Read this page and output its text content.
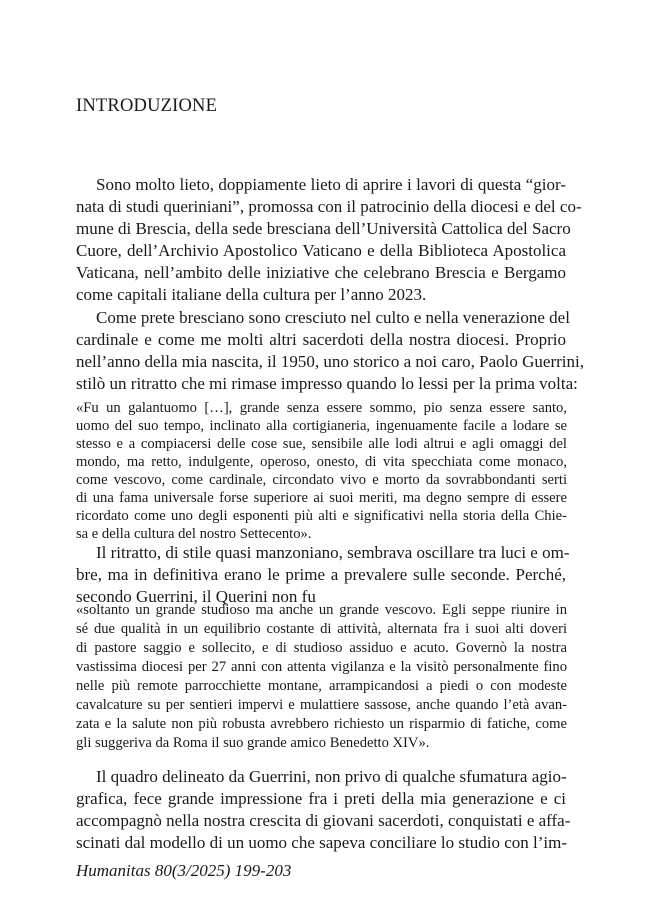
INTRODUZIONE
Sono molto lieto, doppiamente lieto di aprire i lavori di questa “gior-
nata di studi queriniani”, promossa con il patrocinio della diocesi e del co-
mune di Brescia, della sede bresciana dell’Università Cattolica del Sacro
Cuore, dell’Archivio Apostolico Vaticano e della Biblioteca Apostolica
Vaticana, nell’ambito delle iniziative che celebrano Brescia e Bergamo
come capitali italiane della cultura per l’anno 2023.
Come prete bresciano sono cresciuto nel culto e nella venerazione del
cardinale e come me molti altri sacerdoti della nostra diocesi. Proprio
nell’anno della mia nascita, il 1950, uno storico a noi caro, Paolo Guerrini,
stilò un ritratto che mi rimase impresso quando lo lessi per la prima volta:
«Fu un galantuomo […], grande senza essere sommo, pio senza essere santo,
uomo del suo tempo, inclinato alla cortigianeria, ingenuamente facile a lodare se
stesso e a compiacersi delle cose sue, sensibile alle lodi altrui e agli omaggi del
mondo, ma retto, indulgente, operoso, onesto, di vita specchiata come monaco,
come vescovo, come cardinale, circondato vivo e morto da sovrabbondanti serti
di una fama universale forse superiore ai suoi meriti, ma degno sempre di essere
ricordato come uno degli esponenti più alti e significativi nella storia della Chie-
sa e della cultura del nostro Settecento».
Il ritratto, di stile quasi manzoniano, sembrava oscillare tra luci e om-
bre, ma in definitiva erano le prime a prevalere sulle seconde. Perché,
secondo Guerrini, il Querini non fu
«soltanto un grande studioso ma anche un grande vescovo. Egli seppe riunire in
sé due qualità in un equilibrio costante di attività, alternata fra i suoi alti doveri
di pastore saggio e sollecito, e di studioso assiduo e acuto. Governò la nostra
vastissima diocesi per 27 anni con attenta vigilanza e la visitò personalmente fino
nelle più remote parrocchiette montane, arrampicandosi a piedi o con modeste
cavalcature su per sentieri impervi e mulattiere sassose, anche quando l’età avan-
zata e la salute non più robusta avrebbero richiesto un risparmio di fatiche, come
gli suggeriva da Roma il suo grande amico Benedetto XIV».
Il quadro delineato da Guerrini, non privo di qualche sfumatura agio-
grafica, fece grande impressione fra i preti della mia generazione e ci
accompagnò nella nostra crescita di giovani sacerdoti, conquistati e affa-
scinati dal modello di un uomo che sapeva conciliare lo studio con l’im-
Humanitas 80(3/2025) 199-203
